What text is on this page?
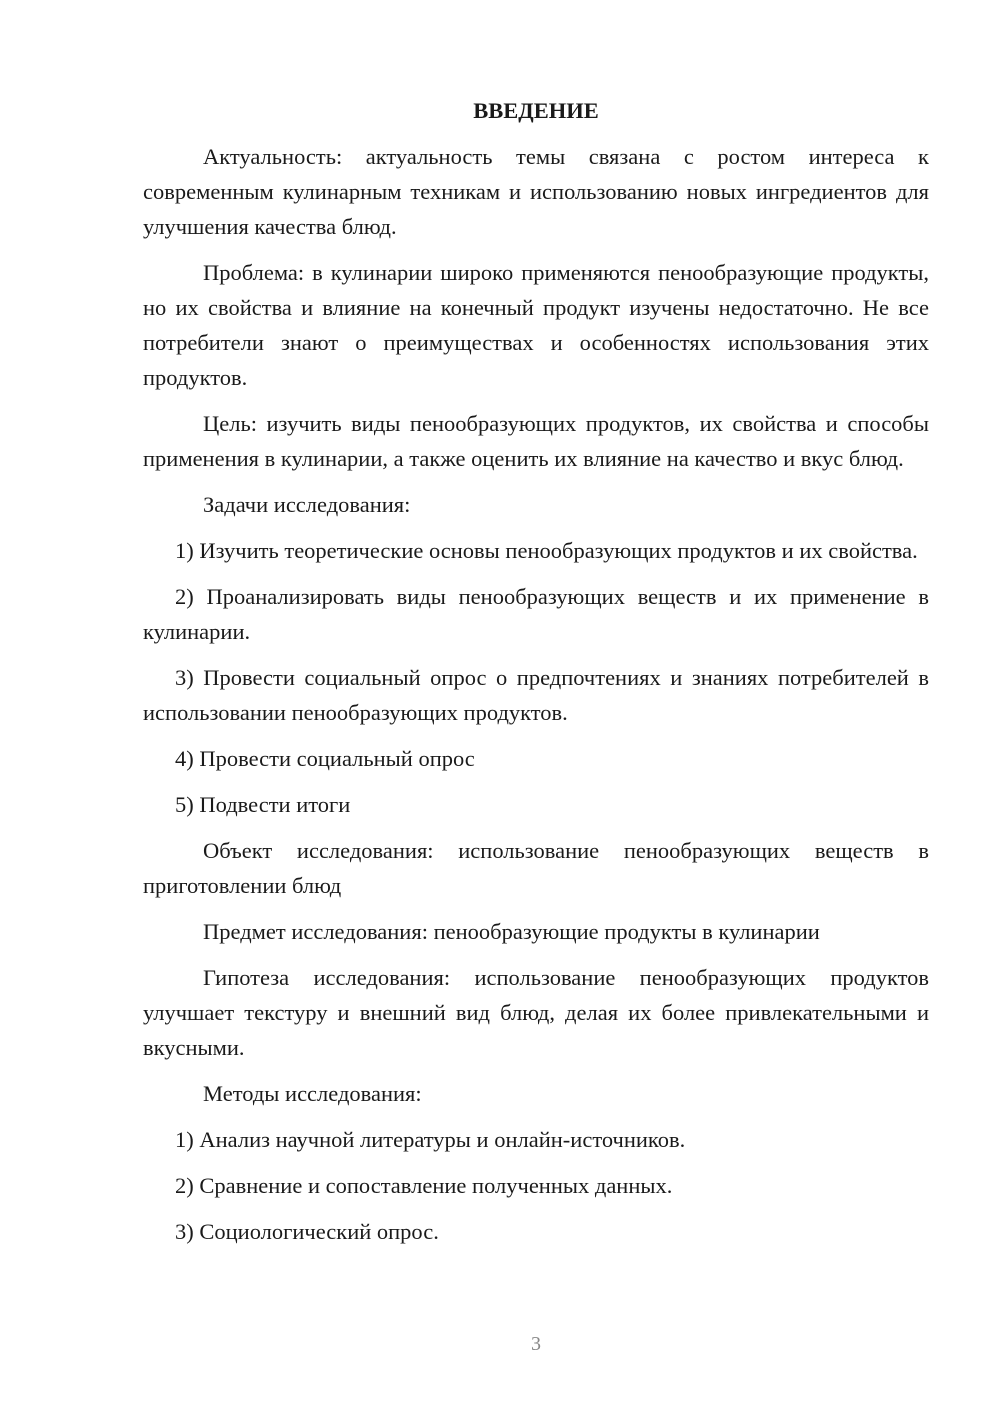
ВВЕДЕНИЕ
Актуальность: актуальность темы связана с ростом интереса к современным кулинарным техникам и использованию новых ингредиентов для улучшения качества блюд.
Проблема: в кулинарии широко применяются пенообразующие продукты, но их свойства и влияние на конечный продукт изучены недостаточно. Не все потребители знают о преимуществах и особенностях использования этих продуктов.
Цель: изучить виды пенообразующих продуктов, их свойства и способы применения в кулинарии, а также оценить их влияние на качество и вкус блюд.
Задачи исследования:
1) Изучить теоретические основы пенообразующих продуктов и их свойства.
2) Проанализировать виды пенообразующих веществ и их применение в кулинарии.
3) Провести социальный опрос о предпочтениях и знаниях потребителей в использовании пенообразующих продуктов.
4) Провести социальный опрос
5) Подвести итоги
Объект исследования: использование пенообразующих веществ в приготовлении блюд
Предмет исследования: пенообразующие продукты в кулинарии
Гипотеза исследования: использование пенообразующих продуктов улучшает текстуру и внешний вид блюд, делая их более привлекательными и вкусными.
Методы исследования:
1) Анализ научной литературы и онлайн-источников.
2) Сравнение и сопоставление полученных данных.
3) Социологический опрос.
3
